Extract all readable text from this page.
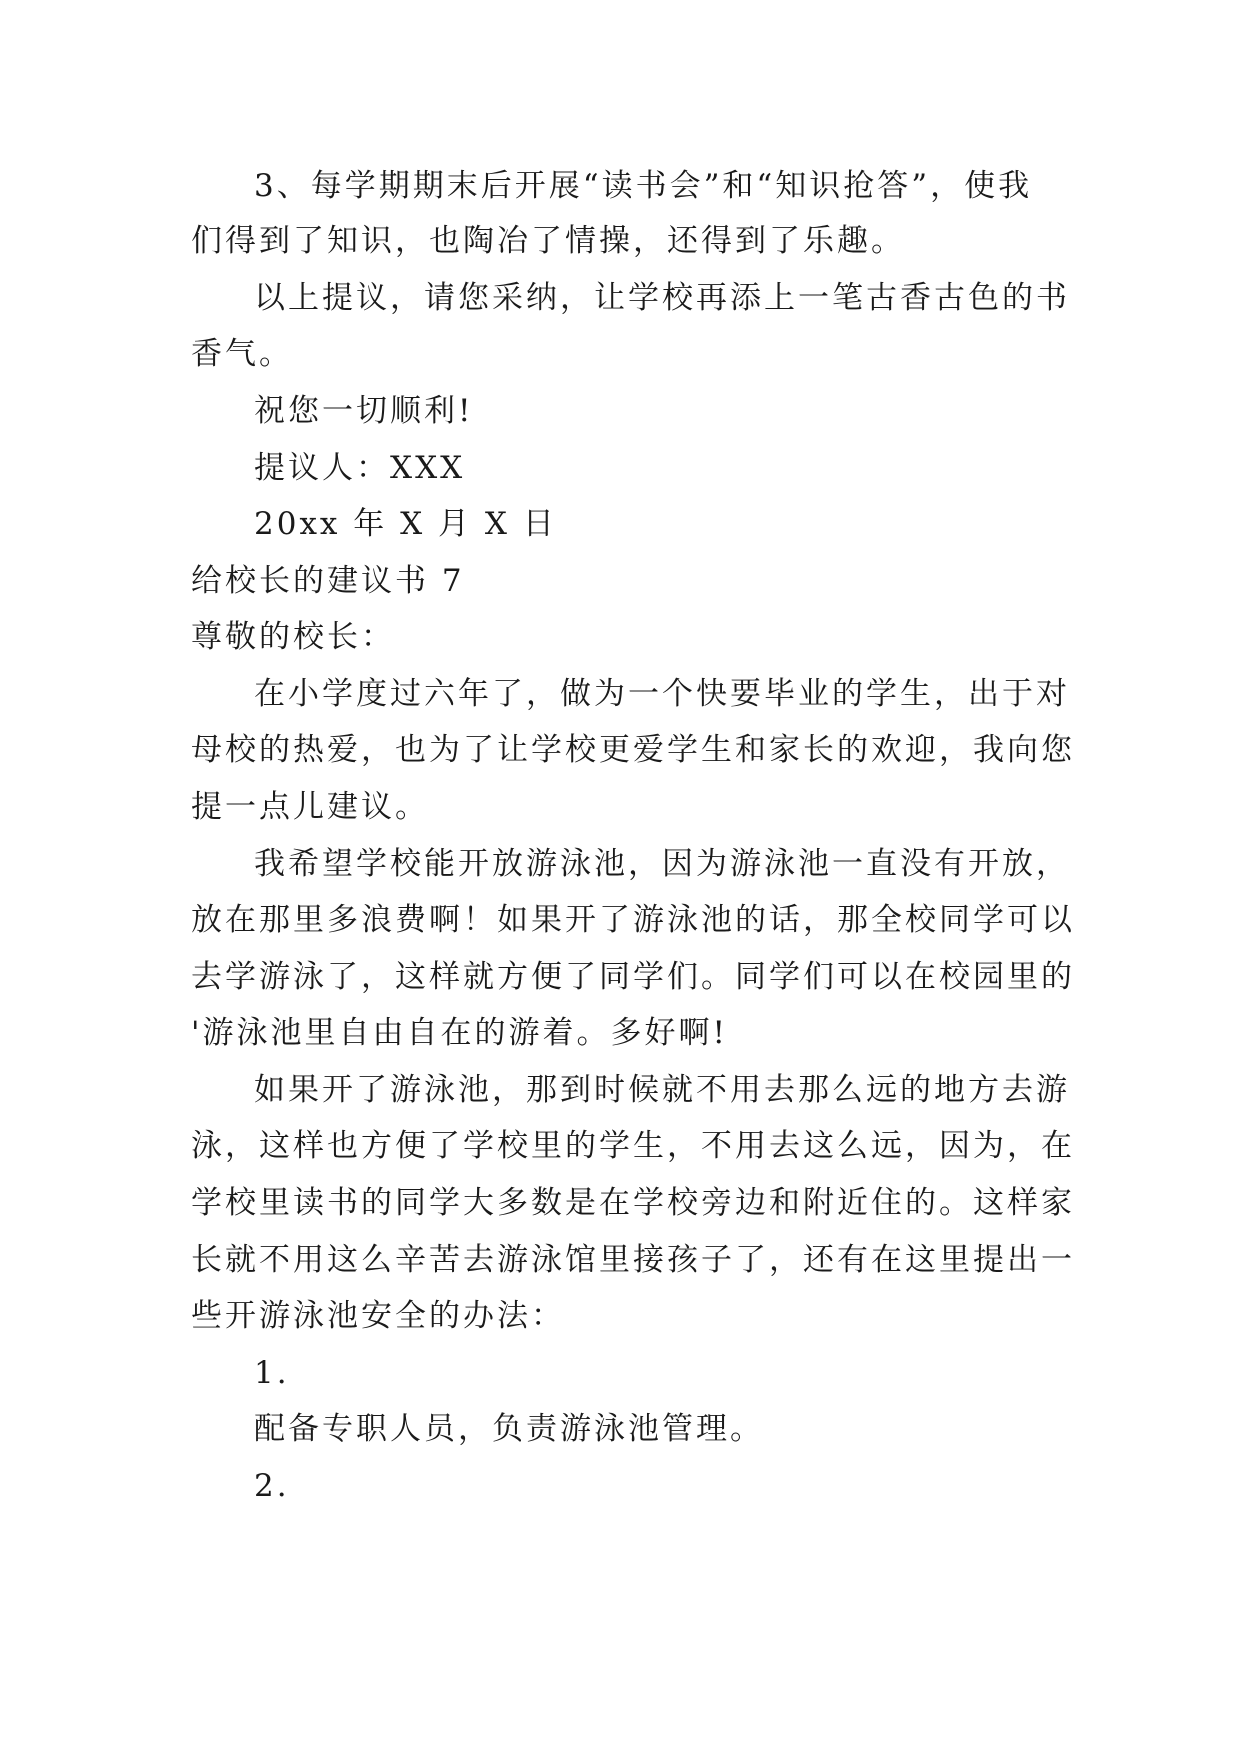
3、每学期期末后开展“读书会”和“知识抢答”，使我
们得到了知识，也陶冶了情操，还得到了乐趣。
以上提议，请您采纳，让学校再添上一笔古香古色的书
香气。
祝您一切顺利!
提议人：XXX
20xx 年 X 月 X 日
给校长的建议书 7
尊敬的校长：
在小学度过六年了，做为一个快要毕业的学生，出于对
母校的热爱，也为了让学校更爱学生和家长的欢迎，我向您
提一点儿建议。
我希望学校能开放游泳池，因为游泳池一直没有开放，
放在那里多浪费啊！如果开了游泳池的话，那全校同学可以
去学游泳了，这样就方便了同学们。同学们可以在校园里的
'游泳池里自由自在的游着。多好啊!
如果开了游泳池，那到时候就不用去那么远的地方去游
泳，这样也方便了学校里的学生，不用去这么远，因为，在
学校里读书的同学大多数是在学校旁边和附近住的。这样家
长就不用这么辛苦去游泳馆里接孩子了，还有在这里提出一
些开游泳池安全的办法：
1.
配备专职人员，负责游泳池管理。
2.
